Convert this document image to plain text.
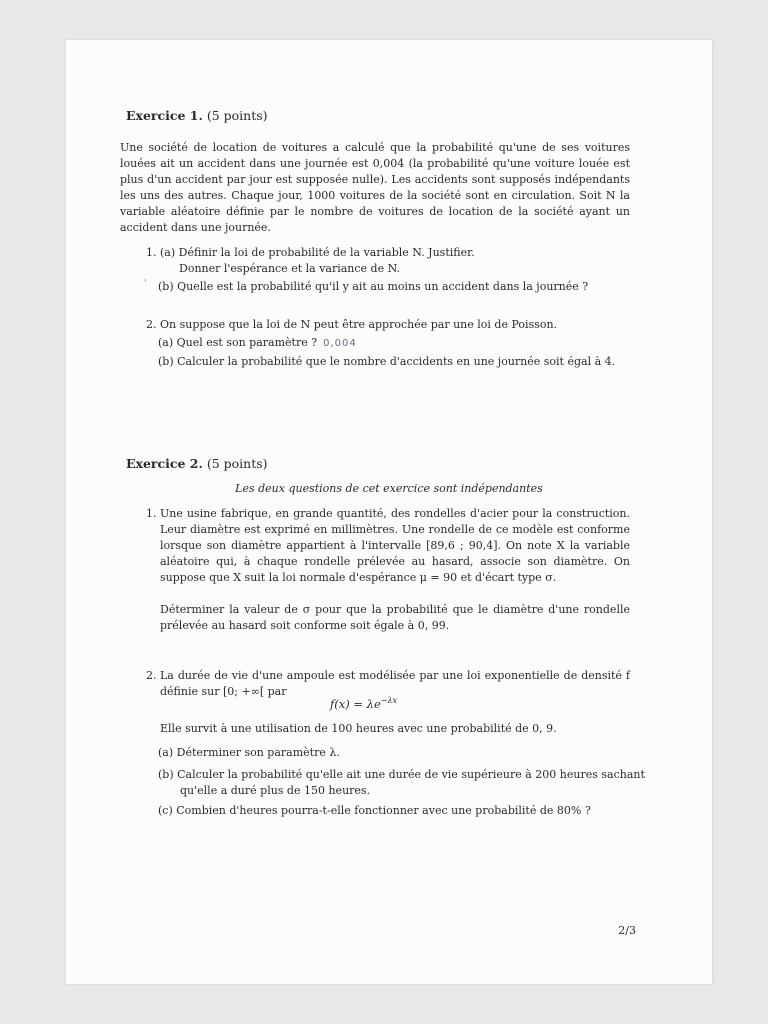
Exercice 1. (5 points)
Une société de location de voitures a calculé que la probabilité qu'une de ses voitures louées ait un accident dans une journée est 0,004 (la probabilité qu'une voiture louée est plus d'un accident par jour est supposée nulle). Les accidents sont supposés indépendants les uns des autres. Chaque jour, 1000 voitures de la société sont en circulation. Soit N la variable aléatoire définie par le nombre de voitures de location de la société ayant un accident dans une journée.
1. (a) Définir la loi de probabilité de la variable N. Justifier.
Donner l'espérance et la variance de N.
' (b) Quelle est la probabilité qu'il y ait au moins un accident dans la journée ?
2. On suppose que la loi de N peut être approchée par une loi de Poisson.
(a) Quel est son paramètre ? 0,004
(b) Calculer la probabilité que le nombre d'accidents en une journée soit égal à 4.
Exercice 2. (5 points)
Les deux questions de cet exercice sont indépendantes
1. Une usine fabrique, en grande quantité, des rondelles d'acier pour la construction. Leur diamètre est exprimé en millimètres. Une rondelle de ce modèle est conforme lorsque son diamètre appartient à l'intervalle [89,6 ; 90,4]. On note X la variable aléatoire qui, à chaque rondelle prélevée au hasard, associe son diamètre. On suppose que X suit la loi normale d'espérance μ = 90 et d'écart type σ.
Déterminer la valeur de σ pour que la probabilité que le diamètre d'une rondelle prélevée au hasard soit conforme soit égale à 0, 99.
2. La durée de vie d'une ampoule est modélisée par une loi exponentielle de densité f définie sur [0; +∞[ par
$f(x) = \lambda e^{-\lambda x}$
Elle survit à une utilisation de 100 heures avec une probabilité de 0, 9.
(a) Déterminer son paramètre λ.
(b) Calculer la probabilité qu'elle ait une durée de vie supérieure à 200 heures sachant
qu'elle a duré plus de 150 heures.
(c) Combien d'heures pourra-t-elle fonctionner avec une probabilité de 80% ?
2/3
